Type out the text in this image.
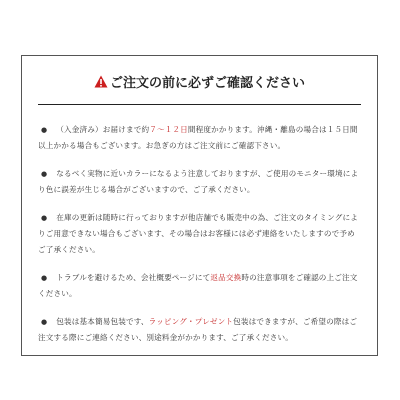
ご注文の前に必ずご確認ください

● （入金済み）お届けまで約７～１２日間程度かかります。沖縄・離島の場合は１５日間以上かかる場合もございます。お急ぎの方はご注文前にご確認下さい。

● なるべく実物に近いカラーになるよう注意しておりますが、ご使用のモニター環境により色に誤差が生じる場合がございますので、ご了承ください。

● 在庫の更新は随時に行っておりますが他店舗でも販売中の為、ご注文のタイミングによりご用意できない場合もございます、その場合はお客様には必ず連絡をいたしますので予めご了承ください。

● トラブルを避けるため、会社概要ページにて返品交換時の注意事項をご確認の上ご注文ください。

● 包装は基本簡易包装です、ラッピング・プレゼント包装はできますが、ご希望の際はご注文する際にご連絡ください、別途料金がかかります、ご了承ください。
